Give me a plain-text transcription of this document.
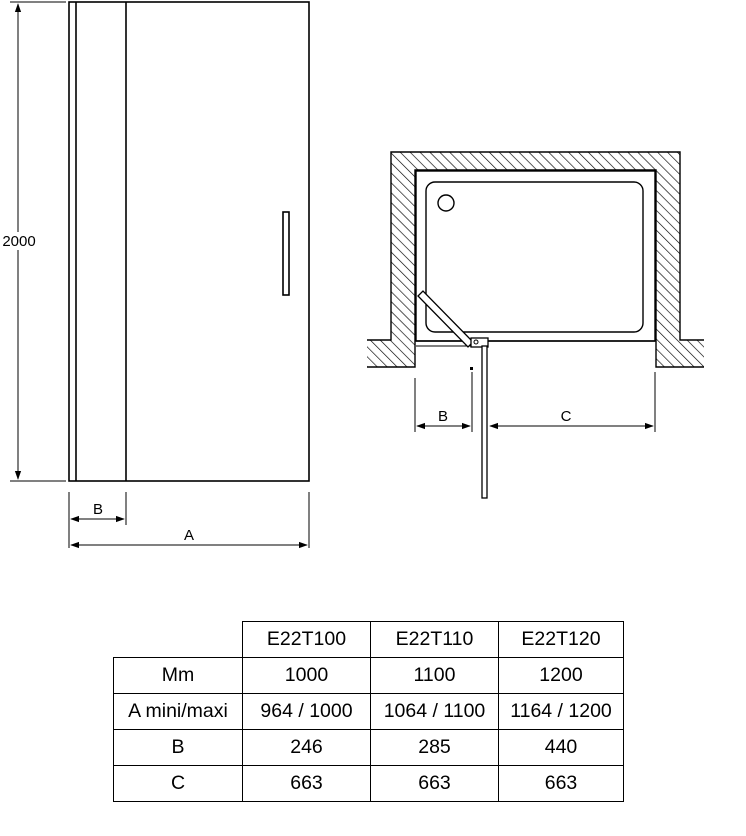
2000
B
A
B	C
	E22T100	E22T110	E22T120
Mm	1000	1100	1200
A mini/maxi	964 / 1000	1064 / 1100	1164 / 1200
B	246	285	440
C	663	663	663
